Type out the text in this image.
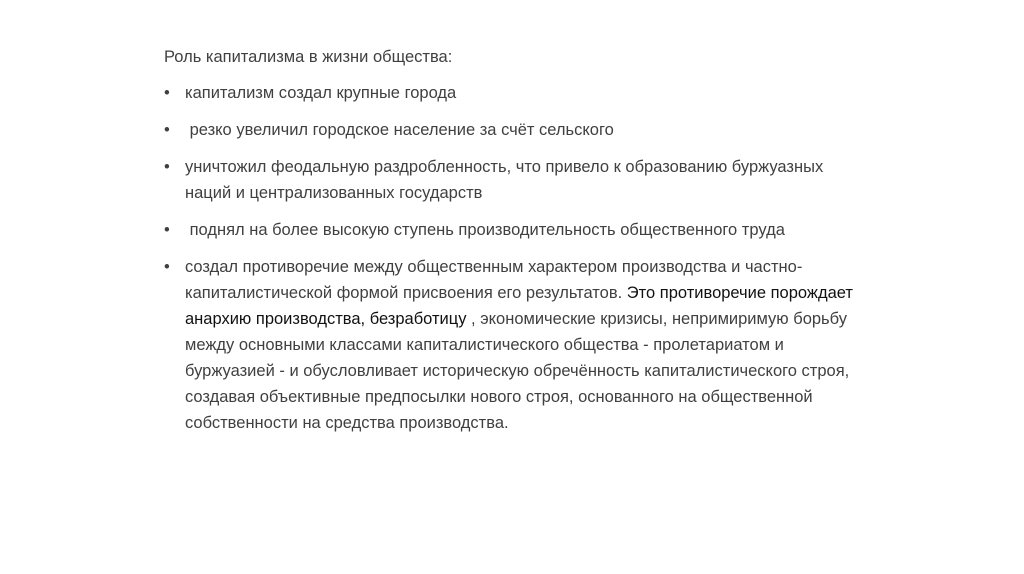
Роль капитализма в жизни общества:
• капитализм создал крупные города
• резко увеличил городское население за счёт сельского
• уничтожил феодальную раздробленность, что привело к образованию буржуазных наций и централизованных государств
• поднял на более высокую ступень производительность общественного труда
• создал противоречие между общественным характером производства и частно-капиталистической формой присвоения его результатов. Это противоречие порождает анархию производства, безработицу , экономические кризисы, непримиримую борьбу между основными классами капиталистического общества - пролетариатом и буржуазией - и обусловливает историческую обречённость капиталистического строя, создавая объективные предпосылки нового строя, основанного на общественной собственности на средства производства.
